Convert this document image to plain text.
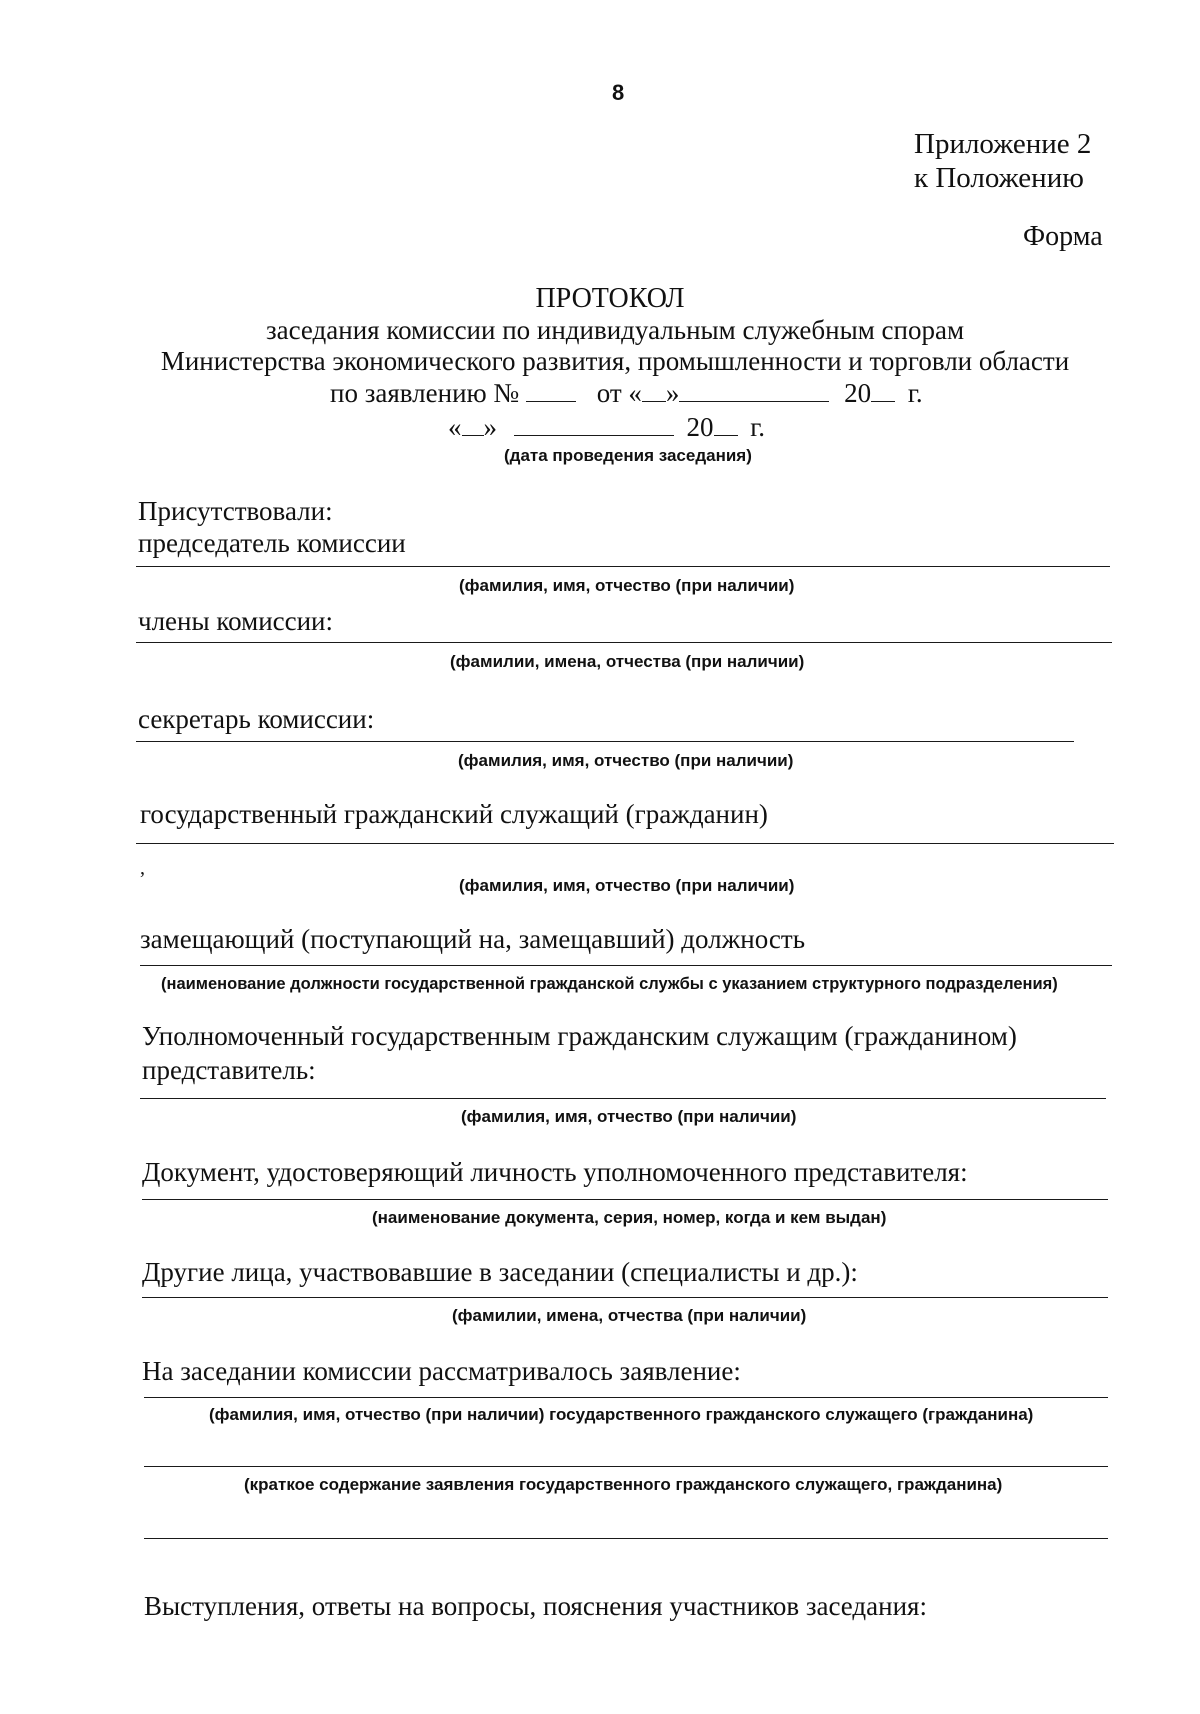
8
Приложение 2
к Положению
Форма
ПРОТОКОЛ
заседания комиссии по индивидуальным служебным спорам
Министерства экономического развития, промышленности и торговли области
по заявлению №	от « »	20 г.
« »	20 г.
(дата проведения заседания)
Присутствовали:
председатель комиссии
(фамилия, имя, отчество (при наличии)
члены комиссии:
(фамилии, имена, отчества (при наличии)
секретарь комиссии:
(фамилия, имя, отчество (при наличии)
государственный гражданский служащий (гражданин)
,
(фамилия, имя, отчество (при наличии)
замещающий (поступающий на, замещавший) должность
(наименование должности государственной гражданской службы с указанием структурного подразделения)
Уполномоченный государственным гражданским служащим (гражданином)
представитель:
(фамилия, имя, отчество (при наличии)
Документ, удостоверяющий личность уполномоченного представителя:
(наименование документа, серия, номер, когда и кем выдан)
Другие лица, участвовавшие в заседании (специалисты и др.):
(фамилии, имена, отчества (при наличии)
На заседании комиссии рассматривалось заявление:
(фамилия, имя, отчество (при наличии) государственного гражданского служащего (гражданина)
(краткое содержание заявления государственного гражданского служащего, гражданина)
Выступления, ответы на вопросы, пояснения участников заседания:
